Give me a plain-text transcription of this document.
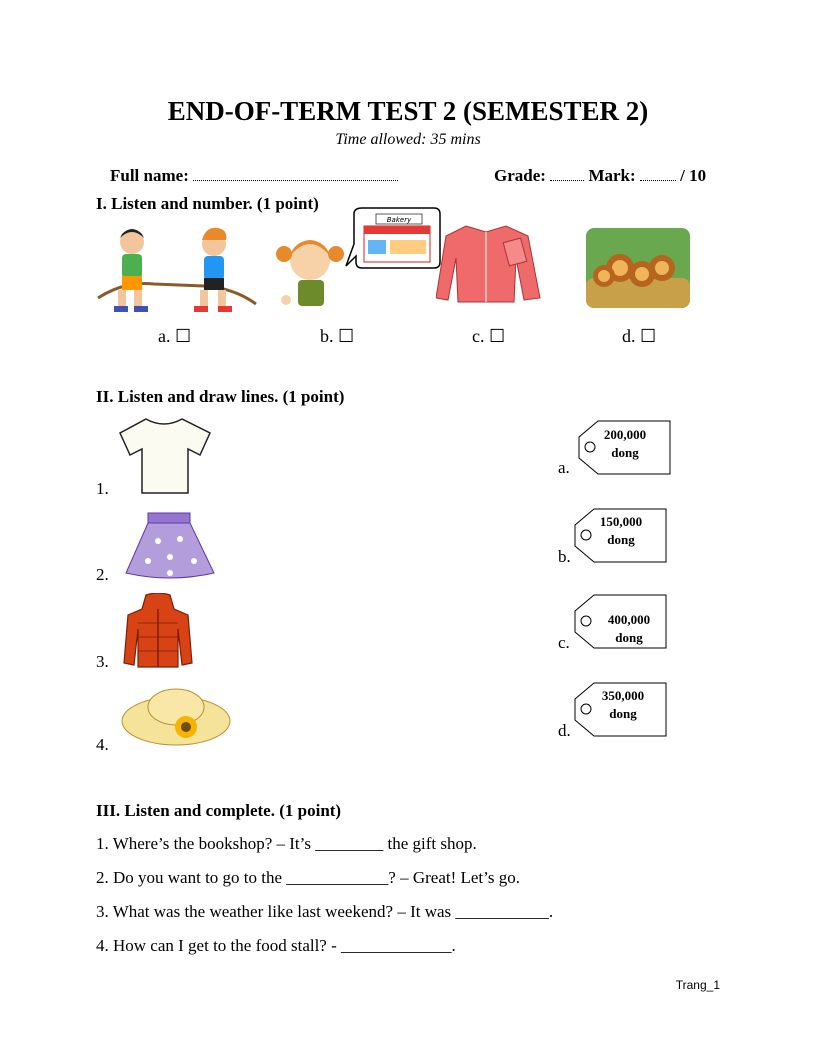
END-OF-TERM TEST 2 (SEMESTER 2)
Time allowed: 35 mins
Full name:	Grade:	Mark:	/ 10
I. Listen and number. (1 point)
Bakery
a. ☐	b. ☐	c. ☐	d. ☐
II. Listen and draw lines. (1 point)
1.
2.
3.
4.
200,000
dong
a.
150,000
dong
b.
400,000
dong
c.
350,000
dong
d.
III. Listen and complete. (1 point)
1. Where’s the bookshop? – It’s ________ the gift shop.
2. Do you want to go to the ____________? – Great! Let’s go.
3. What was the weather like last weekend? – It was ___________.
4. How can I get to the food stall? - _____________.
Trang_1
